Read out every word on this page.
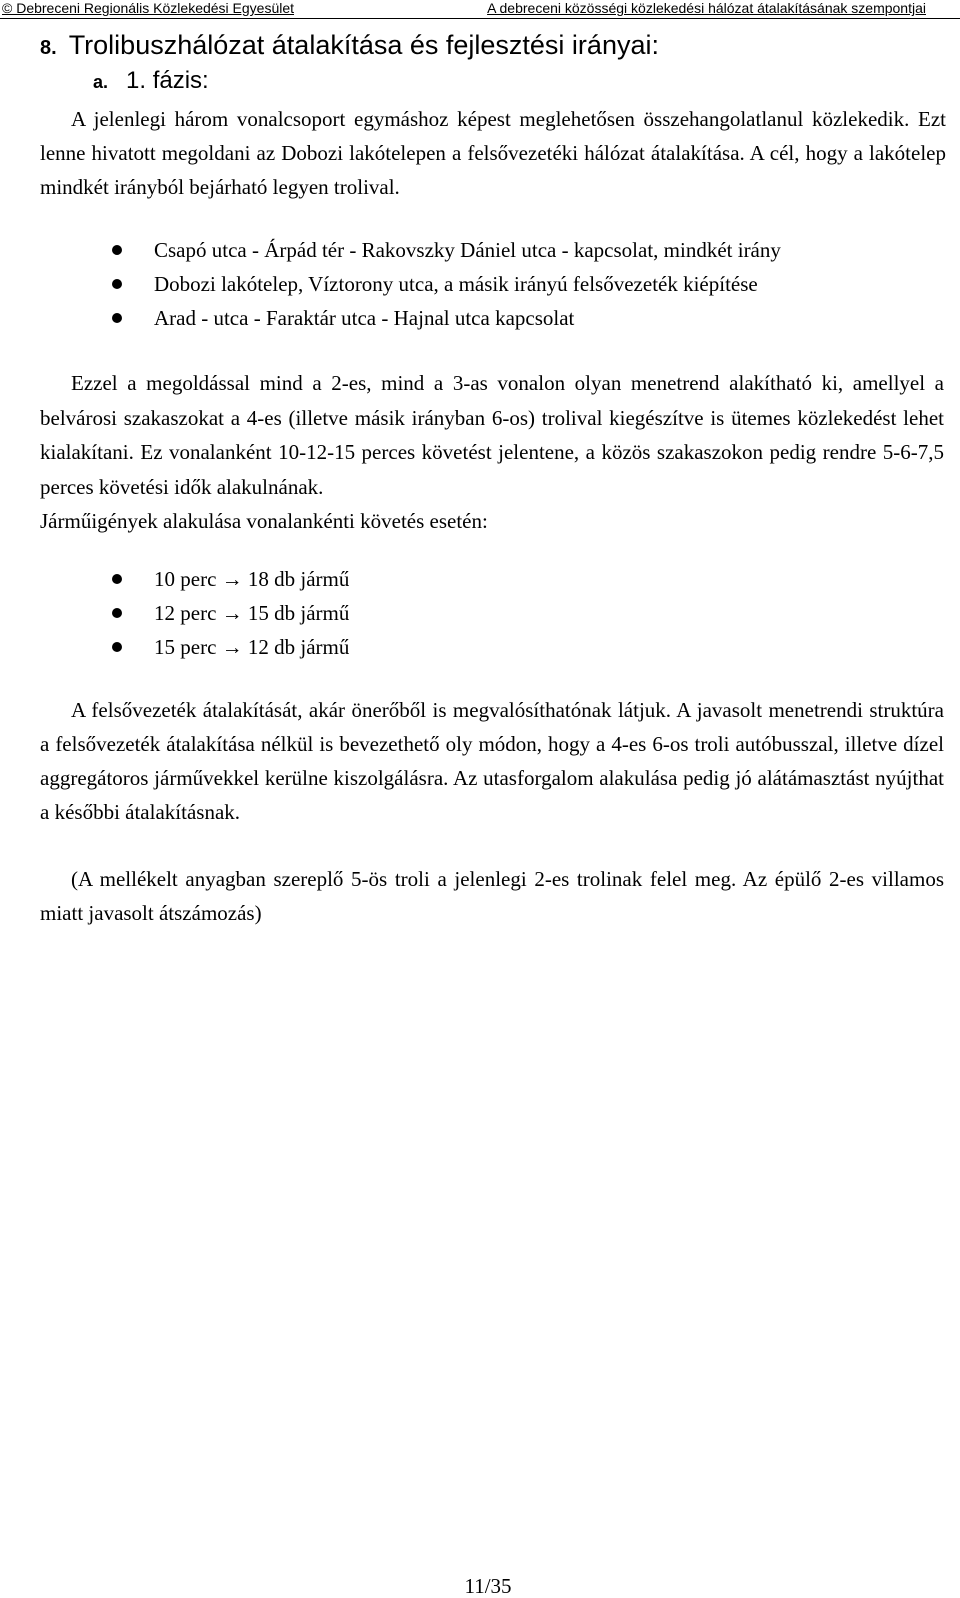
© Debreceni Regionális Közlekedési Egyesület	A debreceni közösségi közlekedési hálózat átalakításának szempontjai
8. Trolibuszhálózat átalakítása és fejlesztési irányai:
a. 1. fázis:
A jelenlegi három vonalcsoport egymáshoz képest meglehetősen összehangolatlanul közlekedik. Ezt lenne hivatott megoldani az Dobozi lakótelepen a felsővezetéki hálózat átalakítása. A cél, hogy a lakótelep mindkét irányból bejárható legyen trolival.
Csapó utca - Árpád tér - Rakovszky Dániel utca - kapcsolat, mindkét irány
Dobozi lakótelep, Víztorony utca, a másik irányú felsővezeték kiépítése
Arad - utca - Faraktár utca - Hajnal utca kapcsolat
Ezzel a megoldással mind a 2-es, mind a 3-as vonalon olyan menetrend alakítható ki, amellyel a belvárosi szakaszokat a 4-es (illetve másik irányban 6-os) trolival kiegészítve is ütemes közlekedést lehet kialakítani. Ez vonalanként 10-12-15 perces követést jelentene, a közös szakaszokon pedig rendre 5-6-7,5 perces követési idők alakulnának.
Járműigények alakulása vonalankénti követés esetén:
10 perc → 18 db jármű
12 perc → 15 db jármű
15 perc → 12 db jármű
A felsővezeték átalakítását, akár önerőből is megvalósíthatónak látjuk. A javasolt menetrendi struktúra a felsővezeték átalakítása nélkül is bevezethető oly módon, hogy a 4-es 6-os troli autóbusszal, illetve dízel aggregátoros járművekkel kerülne kiszolgálásra. Az utasforgalom alakulása pedig jó alátámasztást nyújthat a későbbi átalakításnak.
(A mellékelt anyagban szereplő 5-ös troli a jelenlegi 2-es trolinak felel meg. Az épülő 2-es villamos miatt javasolt átszámozás)
11/35
